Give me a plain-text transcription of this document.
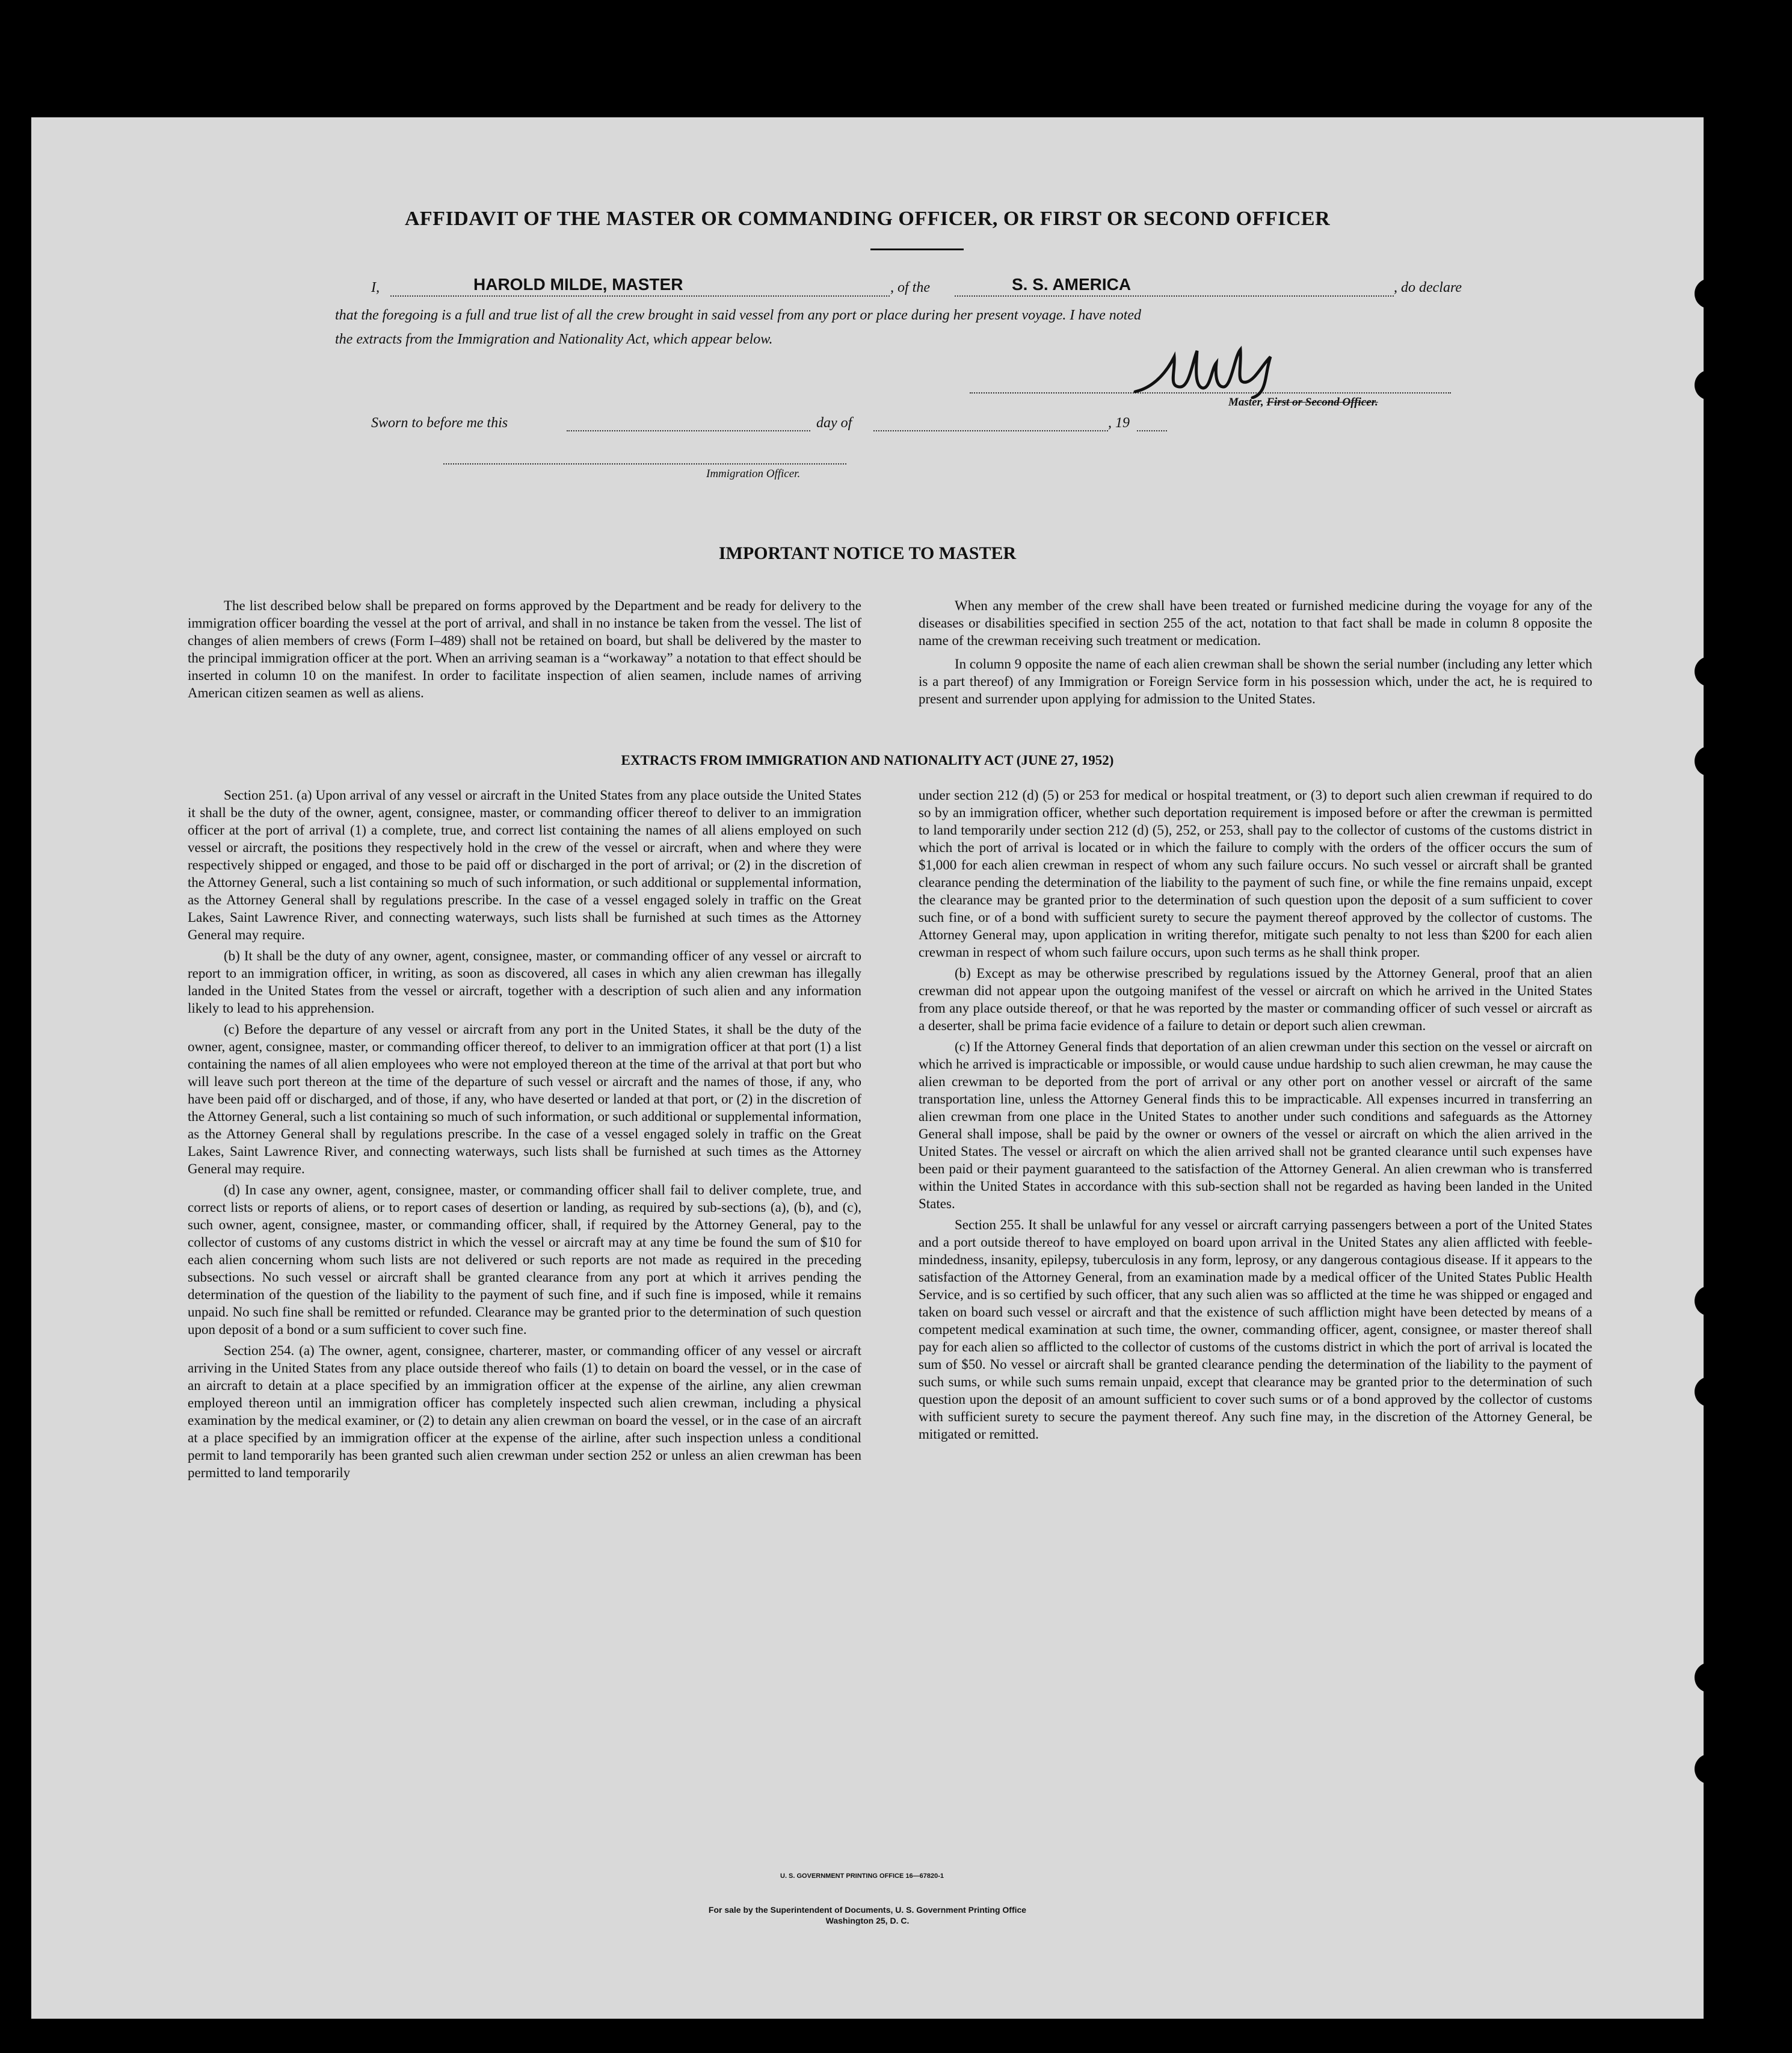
AFFIDAVIT OF THE MASTER OR COMMANDING OFFICER, OR FIRST OR SECOND OFFICER
I,	HAROLD MILDE, MASTER	, of the	S. S. AMERICA	, do declare
that the foregoing is a full and true list of all the crew brought in said vessel from any port or place during her present voyage. I have noted
the extracts from the Immigration and Nationality Act, which appear below.
Master, First or Second Officer.
Sworn to before me this	day of	, 19
Immigration Officer.
IMPORTANT NOTICE TO MASTER

The list described below shall be prepared on forms approved by the Department and be ready for delivery to the immigration officer boarding the vessel at the port of arrival, and shall in no instance be taken from the vessel. The list of changes of alien members of crews (Form I–489) shall not be retained on board, but shall be delivered by the master to the principal immigration officer at the port. When an arriving seaman is a “workaway” a notation to that effect should be inserted in column 10 on the manifest. In order to facilitate inspection of alien seamen, include names of arriving American citizen seamen as well as aliens.

When any member of the crew shall have been treated or furnished medicine during the voyage for any of the diseases or disabilities specified in section 255 of the act, notation to that fact shall be made in column 8 opposite the name of the crewman receiving such treatment or medication.

In column 9 opposite the name of each alien crewman shall be shown the serial number (including any letter which is a part thereof) of any Immigration or Foreign Service form in his possession which, under the act, he is required to present and surrender upon applying for admission to the United States.

EXTRACTS FROM IMMIGRATION AND NATIONALITY ACT (JUNE 27, 1952)

Section 251. (a) Upon arrival of any vessel or aircraft in the United States from any place outside the United States it shall be the duty of the owner, agent, consignee, master, or commanding officer thereof to deliver to an immigration officer at the port of arrival (1) a complete, true, and correct list containing the names of all aliens employed on such vessel or aircraft, the positions they respectively hold in the crew of the vessel or aircraft, when and where they were respectively shipped or engaged, and those to be paid off or discharged in the port of arrival; or (2) in the discretion of the Attorney General, such a list containing so much of such information, or such additional or supplemental information, as the Attorney General shall by regulations prescribe. In the case of a vessel engaged solely in traffic on the Great Lakes, Saint Lawrence River, and connecting waterways, such lists shall be furnished at such times as the Attorney General may require.

(b) It shall be the duty of any owner, agent, consignee, master, or commanding officer of any vessel or aircraft to report to an immigration officer, in writing, as soon as discovered, all cases in which any alien crewman has illegally landed in the United States from the vessel or aircraft, together with a description of such alien and any information likely to lead to his apprehension.

(c) Before the departure of any vessel or aircraft from any port in the United States, it shall be the duty of the owner, agent, consignee, master, or commanding officer thereof, to deliver to an immigration officer at that port (1) a list containing the names of all alien employees who were not employed thereon at the time of the arrival at that port but who will leave such port thereon at the time of the departure of such vessel or aircraft and the names of those, if any, who have been paid off or discharged, and of those, if any, who have deserted or landed at that port, or (2) in the discretion of the Attorney General, such a list containing so much of such information, or such additional or supplemental information, as the Attorney General shall by regulations prescribe. In the case of a vessel engaged solely in traffic on the Great Lakes, Saint Lawrence River, and connecting waterways, such lists shall be furnished at such times as the Attorney General may require.

(d) In case any owner, agent, consignee, master, or commanding officer shall fail to deliver complete, true, and correct lists or reports of aliens, or to report cases of desertion or landing, as required by sub-sections (a), (b), and (c), such owner, agent, consignee, master, or commanding officer, shall, if required by the Attorney General, pay to the collector of customs of any customs district in which the vessel or aircraft may at any time be found the sum of $10 for each alien concerning whom such lists are not delivered or such reports are not made as required in the preceding subsections. No such vessel or aircraft shall be granted clearance from any port at which it arrives pending the determination of the question of the liability to the payment of such fine, and if such fine is imposed, while it remains unpaid. No such fine shall be remitted or refunded. Clearance may be granted prior to the determination of such question upon deposit of a bond or a sum sufficient to cover such fine.

Section 254. (a) The owner, agent, consignee, charterer, master, or commanding officer of any vessel or aircraft arriving in the United States from any place outside thereof who fails (1) to detain on board the vessel, or in the case of an aircraft to detain at a place specified by an immigration officer at the expense of the airline, any alien crewman employed thereon until an immigration officer has completely inspected such alien crewman, including a physical examination by the medical examiner, or (2) to detain any alien crewman on board the vessel, or in the case of an aircraft at a place specified by an immigration officer at the expense of the airline, after such inspection unless a conditional permit to land temporarily has been granted such alien crewman under section 252 or unless an alien crewman has been permitted to land temporarily

under section 212 (d) (5) or 253 for medical or hospital treatment, or (3) to deport such alien crewman if required to do so by an immigration officer, whether such deportation requirement is imposed before or after the crewman is permitted to land temporarily under section 212 (d) (5), 252, or 253, shall pay to the collector of customs of the customs district in which the port of arrival is located or in which the failure to comply with the orders of the officer occurs the sum of $1,000 for each alien crewman in respect of whom any such failure occurs. No such vessel or aircraft shall be granted clearance pending the determination of the liability to the payment of such fine, or while the fine remains unpaid, except the clearance may be granted prior to the determination of such question upon the deposit of a sum sufficient to cover such fine, or of a bond with sufficient surety to secure the payment thereof approved by the collector of customs. The Attorney General may, upon application in writing therefor, mitigate such penalty to not less than $200 for each alien crewman in respect of whom such failure occurs, upon such terms as he shall think proper.

(b) Except as may be otherwise prescribed by regulations issued by the Attorney General, proof that an alien crewman did not appear upon the outgoing manifest of the vessel or aircraft on which he arrived in the United States from any place outside thereof, or that he was reported by the master or commanding officer of such vessel or aircraft as a deserter, shall be prima facie evidence of a failure to detain or deport such alien crewman.

(c) If the Attorney General finds that deportation of an alien crewman under this section on the vessel or aircraft on which he arrived is impracticable or impossible, or would cause undue hardship to such alien crewman, he may cause the alien crewman to be deported from the port of arrival or any other port on another vessel or aircraft of the same transportation line, unless the Attorney General finds this to be impracticable. All expenses incurred in transferring an alien crewman from one place in the United States to another under such conditions and safeguards as the Attorney General shall impose, shall be paid by the owner or owners of the vessel or aircraft on which the alien arrived in the United States. The vessel or aircraft on which the alien arrived shall not be granted clearance until such expenses have been paid or their payment guaranteed to the satisfaction of the Attorney General. An alien crewman who is transferred within the United States in accordance with this sub-section shall not be regarded as having been landed in the United States.

Section 255. It shall be unlawful for any vessel or aircraft carrying passengers between a port of the United States and a port outside thereof to have employed on board upon arrival in the United States any alien afflicted with feeble-mindedness, insanity, epilepsy, tuberculosis in any form, leprosy, or any dangerous contagious disease. If it appears to the satisfaction of the Attorney General, from an examination made by a medical officer of the United States Public Health Service, and is so certified by such officer, that any such alien was so afflicted at the time he was shipped or engaged and taken on board such vessel or aircraft and that the existence of such affliction might have been detected by means of a competent medical examination at such time, the owner, commanding officer, agent, consignee, or master thereof shall pay for each alien so afflicted to the collector of customs of the customs district in which the port of arrival is located the sum of $50. No vessel or aircraft shall be granted clearance pending the determination of the liability to the payment of such sums, or while such sums remain unpaid, except that clearance may be granted prior to the determination of such question upon the deposit of an amount sufficient to cover such sums or of a bond approved by the collector of customs with sufficient surety to secure the payment thereof. Any such fine may, in the discretion of the Attorney General, be mitigated or remitted.

U. S. GOVERNMENT PRINTING OFFICE 16—67820-1
For sale by the Superintendent of Documents, U. S. Government Printing Office
Washington 25, D. C.
